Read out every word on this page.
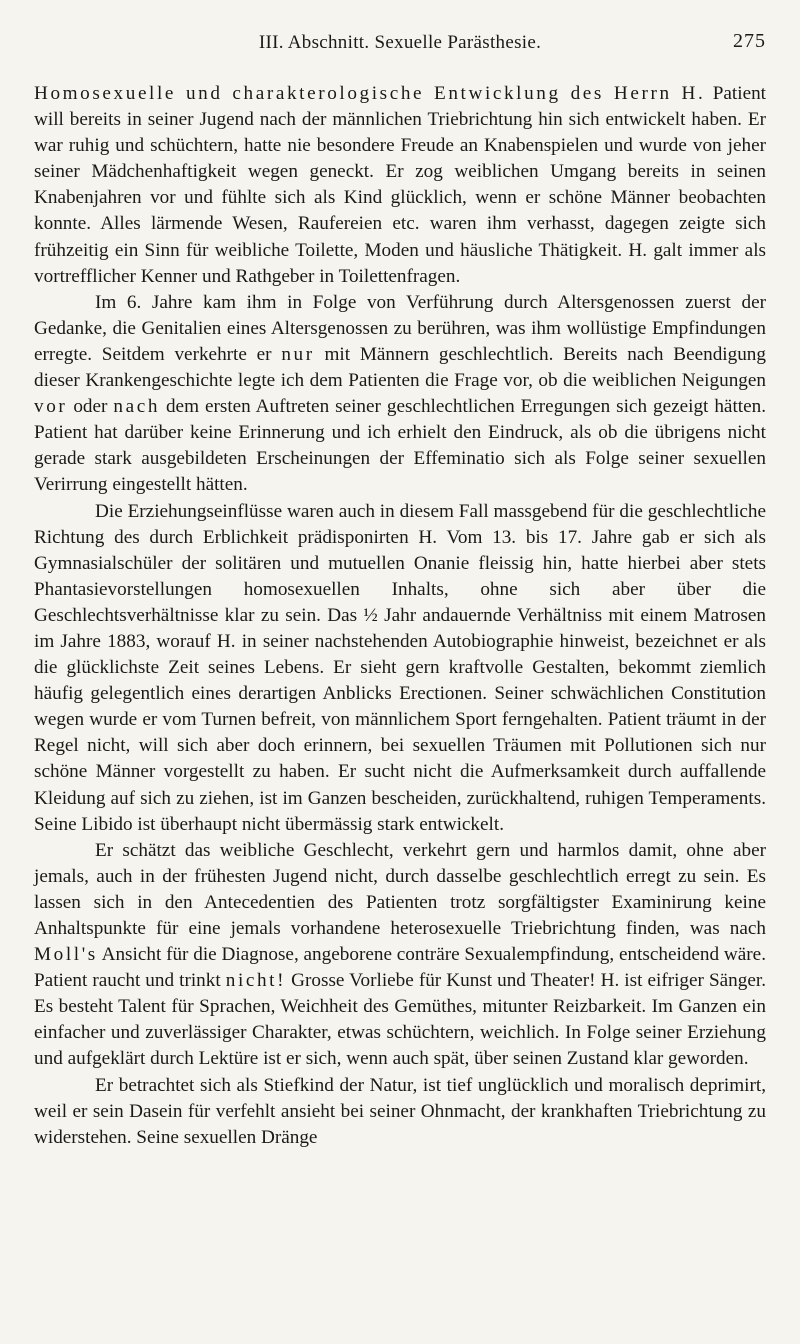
III. Abschnitt. Sexuelle Parästhesie.	275

Homosexuelle und charakterologische Entwicklung des Herrn H. Patient will bereits in seiner Jugend nach der männlichen Triebrichtung hin sich entwickelt haben. Er war ruhig und schüchtern, hatte nie besondere Freude an Knabenspielen und wurde von jeher seiner Mädchenhaftigkeit wegen geneckt. Er zog weiblichen Umgang bereits in seinen Knabenjahren vor und fühlte sich als Kind glücklich, wenn er schöne Männer beobachten konnte. Alles lärmende Wesen, Raufereien etc. waren ihm verhasst, dagegen zeigte sich frühzeitig ein Sinn für weibliche Toilette, Moden und häusliche Thätigkeit. H. galt immer als vortrefflicher Kenner und Rathgeber in Toilettenfragen.

Im 6. Jahre kam ihm in Folge von Verführung durch Altersgenossen zuerst der Gedanke, die Genitalien eines Altersgenossen zu berühren, was ihm wollüstige Empfindungen erregte. Seitdem verkehrte er nur mit Männern geschlechtlich. Bereits nach Beendigung dieser Krankengeschichte legte ich dem Patienten die Frage vor, ob die weiblichen Neigungen vor oder nach dem ersten Auftreten seiner geschlechtlichen Erregungen sich gezeigt hätten. Patient hat darüber keine Erinnerung und ich erhielt den Eindruck, als ob die übrigens nicht gerade stark ausgebildeten Erscheinungen der Effeminatio sich als Folge seiner sexuellen Verirrung eingestellt hätten.

Die Erziehungseinflüsse waren auch in diesem Fall massgebend für die geschlechtliche Richtung des durch Erblichkeit prädisponirten H. Vom 13. bis 17. Jahre gab er sich als Gymnasialschüler der solitären und mutuellen Onanie fleissig hin, hatte hierbei aber stets Phantasievorstellungen homosexuellen Inhalts, ohne sich aber über die Geschlechtsverhältnisse klar zu sein. Das ½ Jahr andauernde Verhältniss mit einem Matrosen im Jahre 1883, worauf H. in seiner nachstehenden Autobiographie hinweist, bezeichnet er als die glücklichste Zeit seines Lebens. Er sieht gern kraftvolle Gestalten, bekommt ziemlich häufig gelegentlich eines derartigen Anblicks Erectionen. Seiner schwächlichen Constitution wegen wurde er vom Turnen befreit, von männlichem Sport ferngehalten. Patient träumt in der Regel nicht, will sich aber doch erinnern, bei sexuellen Träumen mit Pollutionen sich nur schöne Männer vorgestellt zu haben. Er sucht nicht die Aufmerksamkeit durch auffallende Kleidung auf sich zu ziehen, ist im Ganzen bescheiden, zurückhaltend, ruhigen Temperaments. Seine Libido ist überhaupt nicht übermässig stark entwickelt.

Er schätzt das weibliche Geschlecht, verkehrt gern und harmlos damit, ohne aber jemals, auch in der frühesten Jugend nicht, durch dasselbe geschlechtlich erregt zu sein. Es lassen sich in den Antecedentien des Patienten trotz sorgfältigster Examinirung keine Anhaltspunkte für eine jemals vorhandene heterosexuelle Triebrichtung finden, was nach Moll's Ansicht für die Diagnose, angeborene conträre Sexualempfindung, entscheidend wäre. Patient raucht und trinkt nicht! Grosse Vorliebe für Kunst und Theater! H. ist eifriger Sänger. Es besteht Talent für Sprachen, Weichheit des Gemüthes, mitunter Reizbarkeit. Im Ganzen ein einfacher und zuverlässiger Charakter, etwas schüchtern, weichlich. In Folge seiner Erziehung und aufgeklärt durch Lektüre ist er sich, wenn auch spät, über seinen Zustand klar geworden.

Er betrachtet sich als Stiefkind der Natur, ist tief unglücklich und moralisch deprimirt, weil er sein Dasein für verfehlt ansieht bei seiner Ohnmacht, der krankhaften Triebrichtung zu widerstehen. Seine sexuellen Dränge
